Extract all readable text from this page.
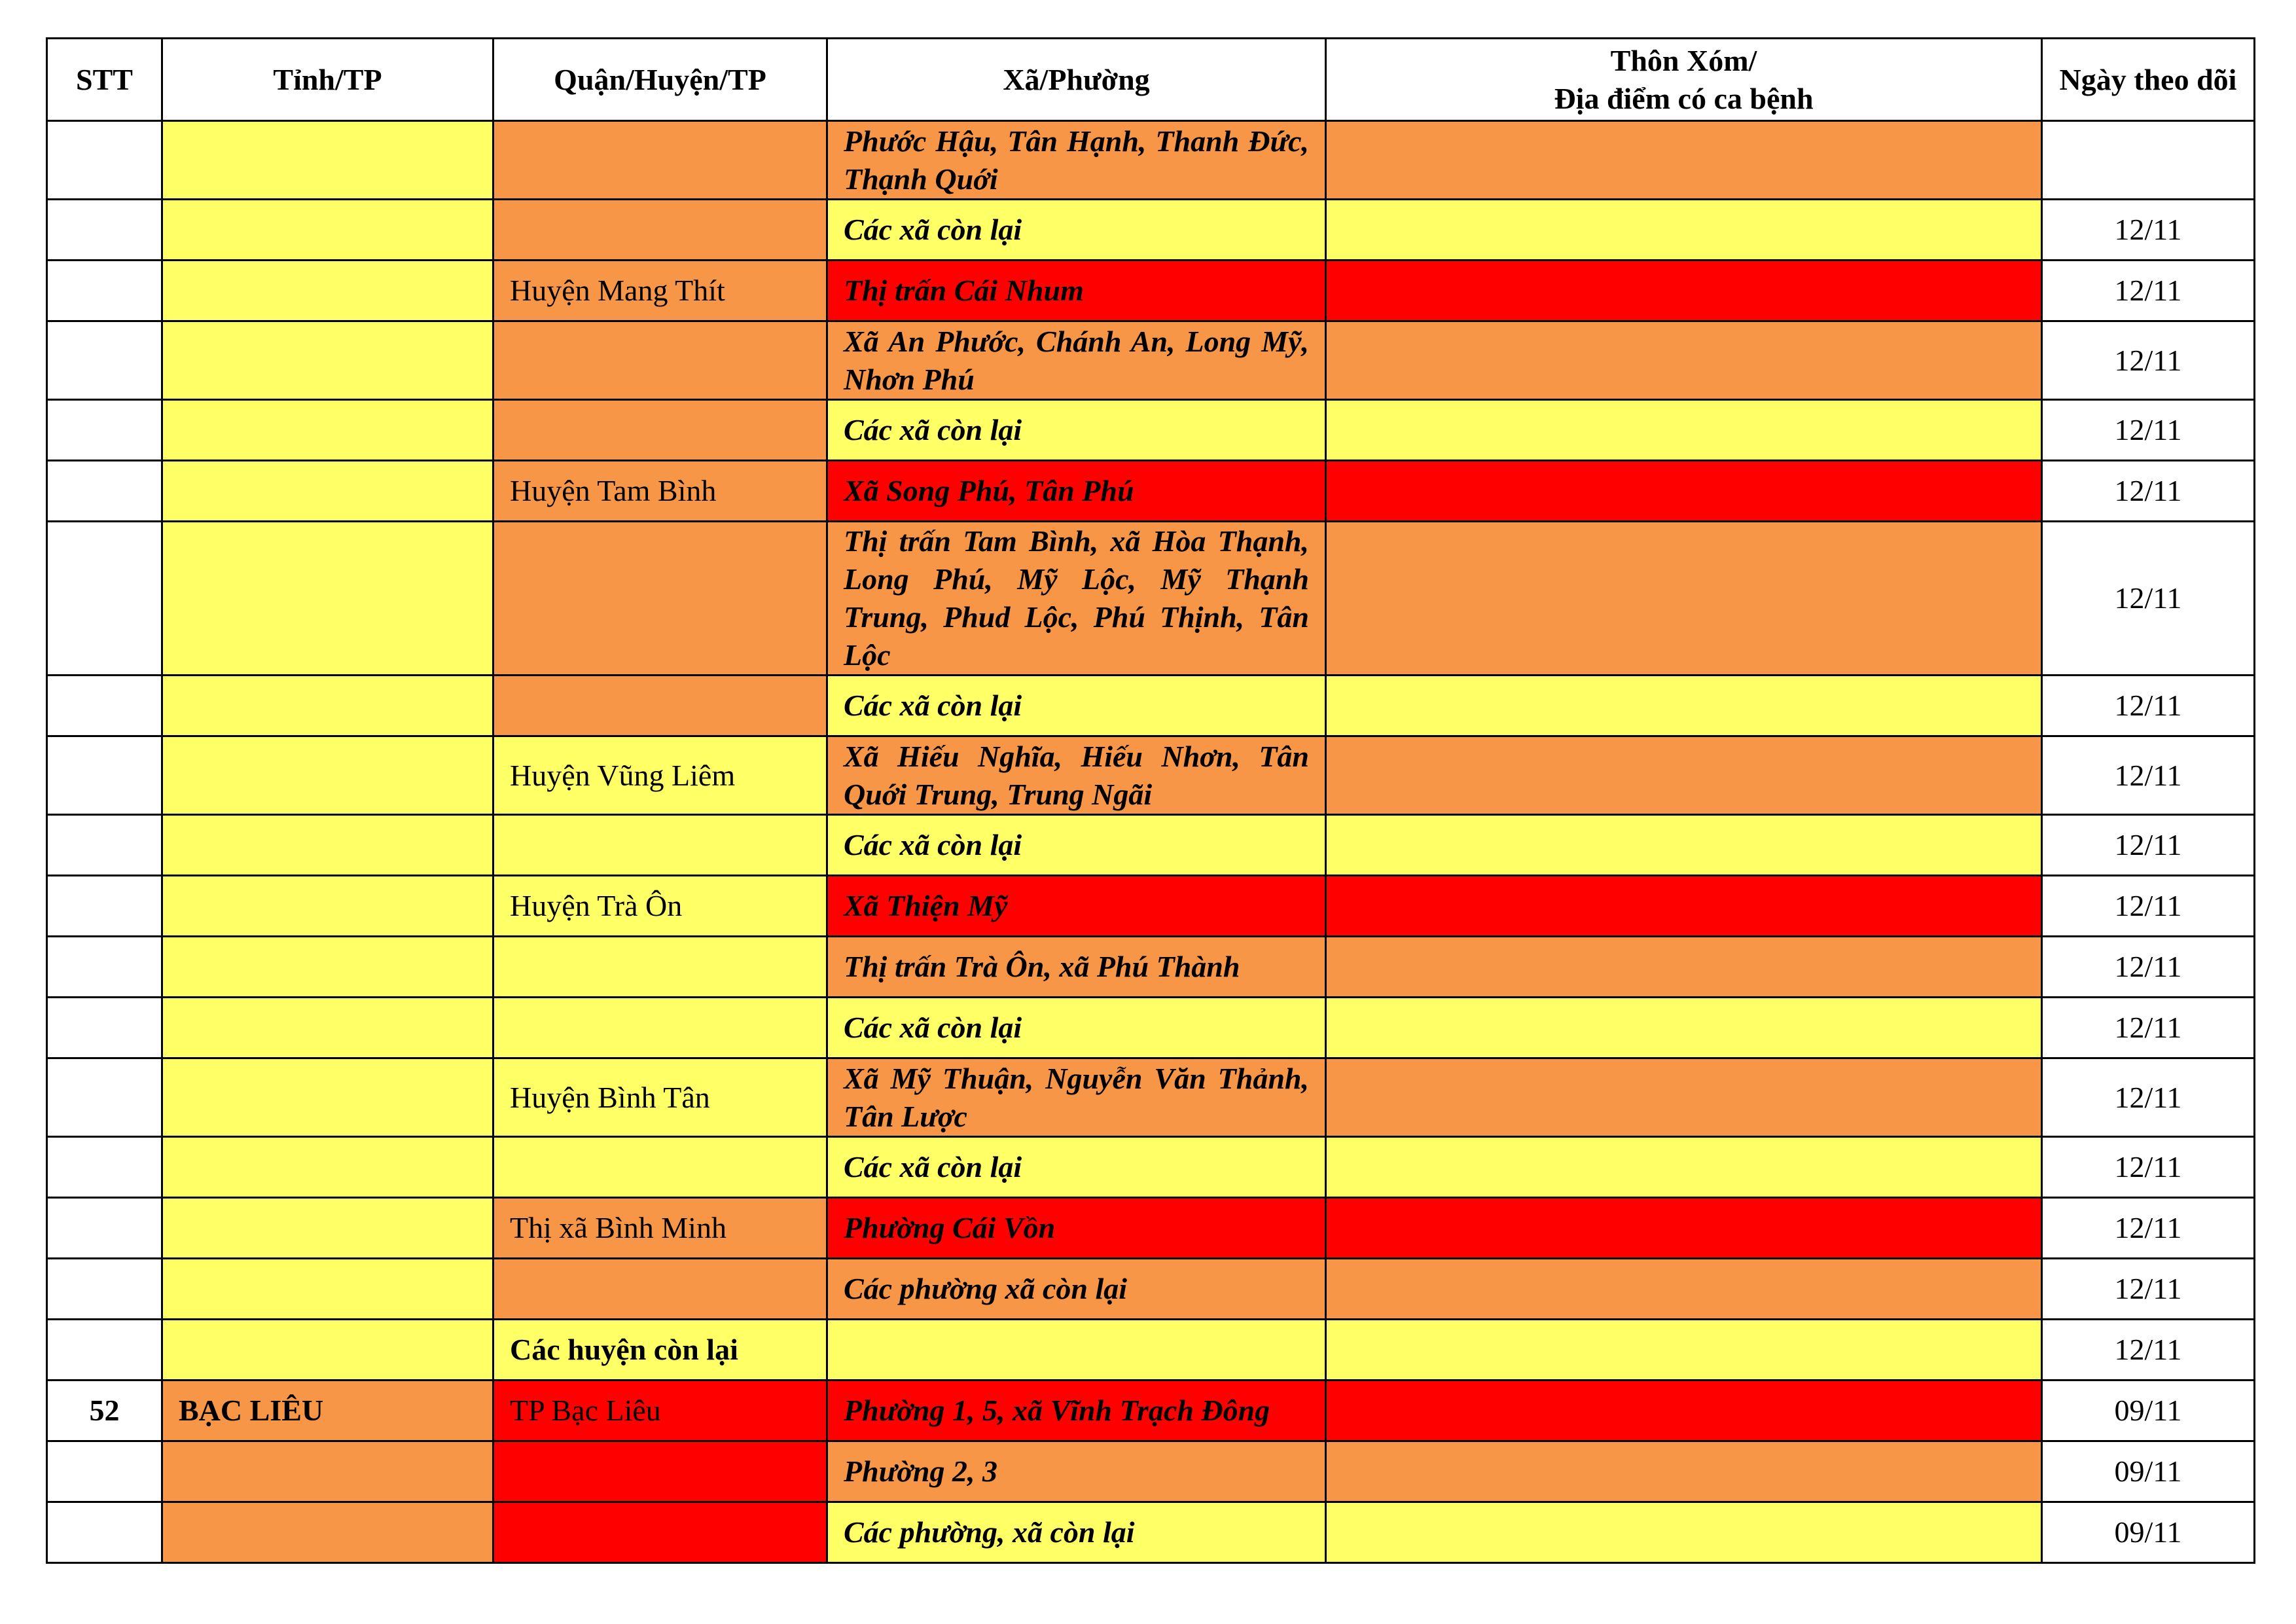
STT	Tỉnh/TP	Quận/Huyện/TP	Xã/Phường	Thôn Xóm/
Địa điểm có ca bệnh	Ngày theo dõi
			Phước Hậu, Tân Hạnh, Thanh Đức, Thạnh Quới		
			Các xã còn lại		12/11
		Huyện Mang Thít	Thị trấn Cái Nhum		12/11
			Xã An Phước, Chánh An, Long Mỹ, Nhơn Phú		12/11
			Các xã còn lại		12/11
		Huyện Tam Bình	Xã Song Phú, Tân Phú		12/11
			Thị trấn Tam Bình, xã Hòa Thạnh, Long Phú, Mỹ Lộc, Mỹ Thạnh Trung, Phud Lộc, Phú Thịnh, Tân Lộc		12/11
			Các xã còn lại		12/11
		Huyện Vũng Liêm	Xã Hiếu Nghĩa, Hiếu Nhơn, Tân Quới Trung, Trung Ngãi		12/11
			Các xã còn lại		12/11
		Huyện Trà Ôn	Xã Thiện Mỹ		12/11
			Thị trấn Trà Ôn, xã Phú Thành		12/11
			Các xã còn lại		12/11
		Huyện Bình Tân	Xã Mỹ Thuận, Nguyễn Văn Thảnh, Tân Lược		12/11
			Các xã còn lại		12/11
		Thị xã Bình Minh	Phường Cái Vồn		12/11
			Các phường xã còn lại		12/11
		Các huyện còn lại			12/11
52	BẠC LIÊU	TP Bạc Liêu	Phường 1, 5, xã Vĩnh Trạch Đông		09/11
			Phường 2, 3		09/11
			Các phường, xã còn lại		09/11
